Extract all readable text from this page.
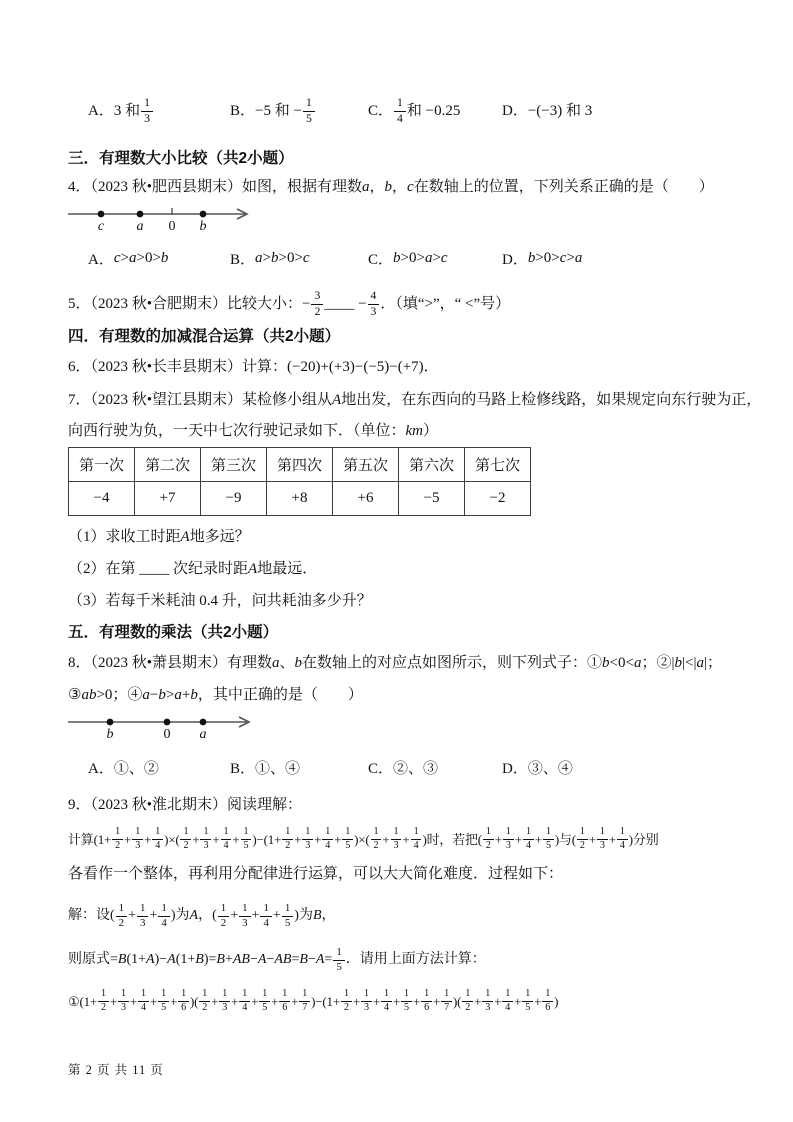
A．3 和 $\frac{1}{3}$	B．−5 和 − $\frac{1}{5}$	C． $\frac{1}{4}$ 和 −0.25	D．−(−3) 和 3
三．有理数大小比较（共2小题）
4．（2023 秋•肥西县期末）如图，根据有理数a，b，c在数轴上的位置，下列关系正确的是（　　）
c a 0 b
A． c > a >0> b	B． a > b >0> c	C． b >0> a > c	D． b >0> c > a
5．（2023 秋•合肥期末）比较大小：− $\frac{3}{2}$ ____ − $\frac{4}{3}$ ．（填“>”，“ <”号）
四．有理数的加减混合运算（共2小题）
6．（2023 秋•长丰县期末）计算：(−20)+(+3)−(−5)−(+7)．
7．（2023 秋•望江县期末）某检修小组从A地出发，在东西向的马路上检修线路，如果规定向东行驶为正，
向西行驶为负，一天中七次行驶记录如下．（单位：km）
第一次	第二次	第三次	第四次	第五次	第六次	第七次
−4	+7	−9	+8	+6	−5	−2
（1）求收工时距A地多远？
（2）在第 ____ 次纪录时距A地最远．
（3）若每千米耗油 0.4 升，问共耗油多少升？
五．有理数的乘法（共2小题）
8．（2023 秋•萧县期末）有理数a、b在数轴上的对应点如图所示，则下列式子：①b<0<a；②|b|<|a|；
③ab>0；④a−b>a+b，其中正确的是（　　）
b	0 a
A．①、②	B．①、④	C．②、③	D．③、④
9．（2023 秋•淮北期末）阅读理解：
计算($1+ \frac{1}{2} + \frac{1}{3} + \frac{1}{4}$ )×( $\frac{1}{2} + \frac{1}{3} + \frac{1}{4} + \frac{1}{5} )-(1+ \frac{1}{2} + \frac{1}{3} + \frac{1}{4} + \frac{1}{5}$ )×( $\frac{1}{2} + \frac{1}{3} + \frac{1}{4}$ )时，若把( $\frac{1}{2} + \frac{1}{3} + \frac{1}{4} + \frac{1}{5}$ )与( $\frac{1}{2} + \frac{1}{3} + \frac{1}{4}$ )分别
各看作一个整体，再利用分配律进行运算，可以大大简化难度．过程如下：
解：设( $\frac{1}{2} + \frac{1}{3} + \frac{1}{4}$ )为 A ，( $\frac{1}{2} + \frac{1}{3} + \frac{1}{4} + \frac{1}{5}$ )为 B ，
则原式= B (1+ A )− A (1+ B )= B + AB − A − AB = $B - A = \frac{1}{5}$ ．请用上面方法计算：
①(1+ $\frac{1}{2} + \frac{1}{3} + \frac{1}{4} + \frac{1}{5} + \frac{1}{6}$ )( $\frac{1}{2} + \frac{1}{3} + \frac{1}{4} + \frac{1}{5} + \frac{1}{6} + \frac{1}{7} )-(1+ \frac{1}{2} + \frac{1}{3} + \frac{1}{4} + \frac{1}{5} + \frac{1}{6} + \frac{1}{7}$ )( $\frac{1}{2} + \frac{1}{3} + \frac{1}{4} + \frac{1}{5} + \frac{1}{6}$ )
第 2 页 共 11 页
